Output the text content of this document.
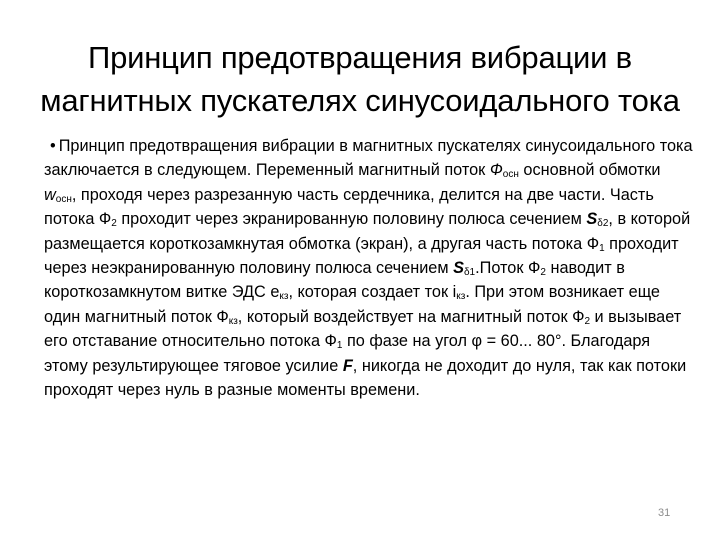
Принцип предотвращения вибрации в
магнитных пускателях синусоидального тока

• Принцип предотвращения вибрации в магнитных пускателях синусоидального тока заключается в следующем. Переменный магнитный поток $Ф_{осн}$ основной обмотки $w_{осн}$, проходя через разрезанную часть сердечника, делится на две части. Часть потока $Ф_2$ проходит через экранированную половину полюса сечением $S_{\delta 2}$, в которой размещается короткозамкнутая обмотка (экран), а другая часть потока $Ф_1$ проходит через неэкранированную половину полюса сечением $S_{\delta 1}.Поток$ $Ф_2$ наводит в короткозамкнутом витке ЭДС $е_{кз}$, которая создает ток $i_{кз}$. При этом возникает еще один магнитный поток $Ф_{кз}$, который воздействует на магнитный поток $Ф_2$ и вызывает его отставание относительно потока $Ф_1$ по фазе на угол φ = 60... 80°. Благодаря этому результирующее тяговое усилие F, никогда не доходит до нуля, так как потоки проходят через нуль в разные моменты времени.

31
